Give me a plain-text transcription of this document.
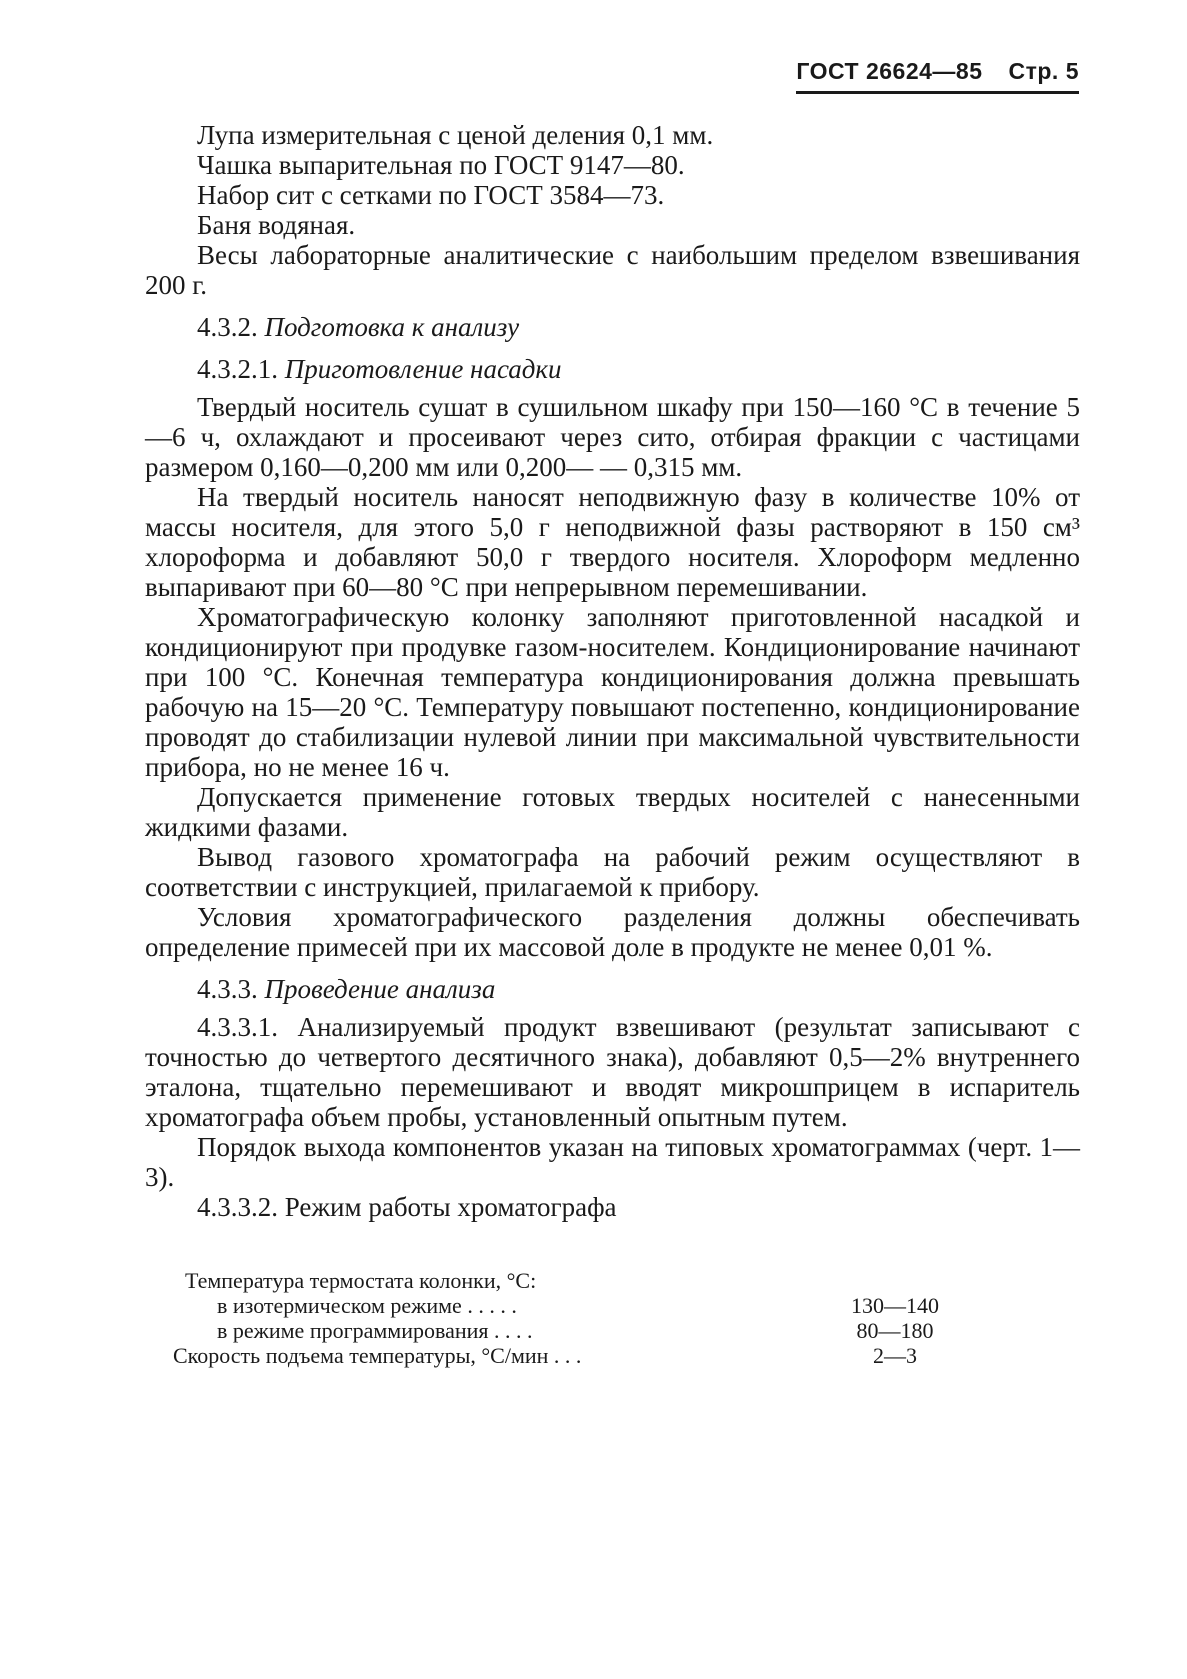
ГОСТ 26624—85 Стр. 5

Лупа измерительная с ценой деления 0,1 мм.

Чашка выпарительная по ГОСТ 9147—80.

Набор сит с сетками по ГОСТ 3584—73.

Баня водяная.

Весы лабораторные аналитические с наибольшим пределом взвешивания 200 г.

4.3.2. Подготовка к анализу

4.3.2.1. Приготовление насадки

Твердый носитель сушат в сушильном шкафу при 150—160 °С в течение 5—6 ч, охлаждают и просеивают через сито, отбирая фракции с частицами размером 0,160—0,200 мм или 0,200— — 0,315 мм.

На твердый носитель наносят неподвижную фазу в количестве 10% от массы носителя, для этого 5,0 г неподвижной фазы растворяют в 150 см³ хлороформа и добавляют 50,0 г твердого носителя. Хлороформ медленно выпаривают при 60—80 °С при непрерывном перемешивании.

Хроматографическую колонку заполняют приготовленной насадкой и кондиционируют при продувке газом-носителем. Кондиционирование начинают при 100 °С. Конечная температура кондиционирования должна превышать рабочую на 15—20 °С. Температуру повышают постепенно, кондиционирование проводят до стабилизации нулевой линии при максимальной чувствительности прибора, но не менее 16 ч.

Допускается применение готовых твердых носителей с нанесенными жидкими фазами.

Вывод газового хроматографа на рабочий режим осуществляют в соответствии с инструкцией, прилагаемой к прибору.

Условия хроматографического разделения должны обеспечивать определение примесей при их массовой доле в продукте не менее 0,01 %.

4.3.3. Проведение анализа

4.3.3.1. Анализируемый продукт взвешивают (результат записывают с точностью до четвертого десятичного знака), добавляют 0,5—2% внутреннего эталона, тщательно перемешивают и вводят микрошприцем в испаритель хроматографа объем пробы, установленный опытным путем.

Порядок выхода компонентов указан на типовых хроматограммах (черт. 1—3).

4.3.3.2. Режим работы хроматографа

Температура термостата колонки, °С:
в изотермическом режиме . . . . .	130—140
в режиме программирования . . . .	80—180
Скорость подъема температуры, °С/мин . . .	2—3
